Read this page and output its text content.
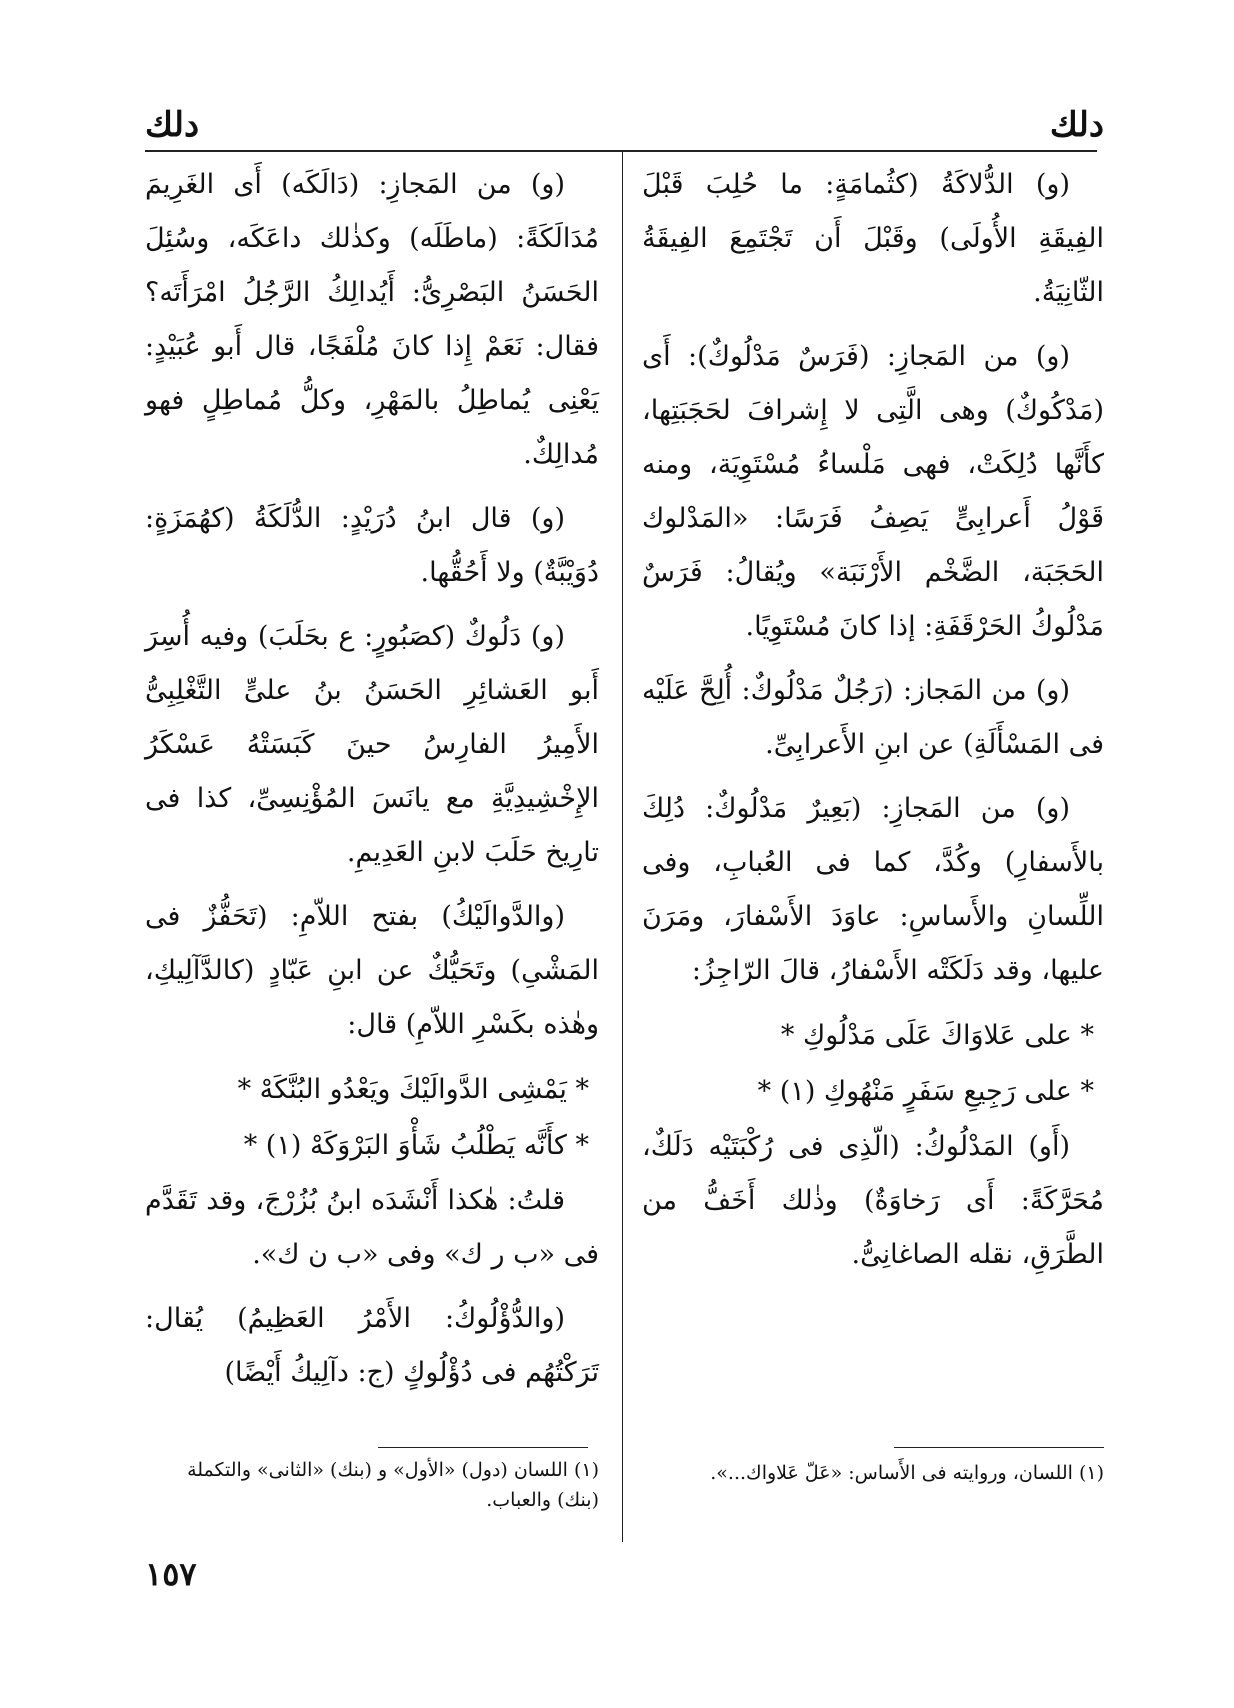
دلك
دلك

(و) الدُّلاكَةُ (كثُمامَةٍ: ما حُلِبَ قَبْلَ الفِيقَةِ الأُولَى) وقَبْلَ أَن تَجْتَمِعَ الفِيقَةُ الثّانِيَةُ.

(و) من المَجازِ: (فَرَسٌ مَدْلُوكٌ): أَى (مَدْكُوكٌ) وهى الَّتِى لا إِشرافَ لحَجَبَتِها، كأَنَّها دُلِكَتْ، فهى مَلْساءُ مُسْتَوِيَة، ومنه قَوْلُ أَعرابِىٍّ يَصِفُ فَرَسًا: «المَدْلوك الحَجَبَة، الضَّخْم الأَرْنَبَة» ويُقالُ: فَرَسٌ مَدْلُوكُ الحَرْقَفَةِ: إذا كانَ مُسْتَوِيًا.

(و) من المَجاز: (رَجُلٌ مَدْلُوكٌ: أُلِحَّ عَلَيْه فى المَسْأَلَةِ) عن ابنِ الأَعرابِىِّ.

(و) من المَجازِ: (بَعِيرٌ مَدْلُوكٌ: دُلِكَ بالأَسفارِ) وكُدَّ، كما فى العُبابِ، وفى اللِّسانِ والأَساسِ: عاوَدَ الأَسْفارَ، ومَرَنَ عليها، وقد دَلَكَتْه الأَسْفارُ، قالَ الرّاجِزُ:

* على عَلاوَاكَ عَلَى مَدْلُوكِ *

* على رَجِيعِ سَفَرٍ مَنْهُوكِ (١) *

(أَو) المَدْلُوكُ: (الّذِى فى رُكْبَتَيْه دَلَكٌ، مُحَرَّكَةً: أَى رَخاوَةٌ) وذٰلك أَخَفُّ من الطَّرَقِ، نقله الصاغانِىُّ.

(و) من المَجازِ: (دَالَكَه) أَى الغَرِيمَ مُدَالَكَةً: (ماطَلَه) وكذٰلك داعَكَه، وسُئِلَ الحَسَنُ البَصْرِىُّ: أَيُدالِكُ الرَّجُلُ امْرَأَتَه؟ فقال: نَعَمْ إِذا كانَ مُلْفَجًا، قال أَبو عُبَيْدٍ: يَعْنِى يُماطِلُ بالمَهْرِ، وكلُّ مُماطِلٍ فهو مُدالِكٌ.

(و) قال ابنُ دُرَيْدٍ: الدُّلَكَةُ (كهُمَزَةٍ: دُوَيْبَّةٌ) ولا أَحُقُّها.

(و) دَلُوكٌ (كصَبُورٍ: ع بحَلَبَ) وفيه أُسِرَ أَبو العَشائِرِ الحَسَنُ بنُ علىٍّ التَّغْلِبِىُّ الأَمِيرُ الفارِسُ حينَ كَبَسَتْهُ عَسْكَرُ الإِخْشِيدِيَّةِ مع يانَسَ المُؤْنِسِىِّ، كذا فى تارِيخ حَلَبَ لابنِ العَدِيمِ.

(والدَّوالَيْكُ) بفتح اللاّمِ: (تَحَفُّزٌ فى المَشْىِ) وتَحَيُّكٌ عن ابنِ عَبّادٍ (كالدَّآلِيكِ، وهٰذه بكَسْرِ اللاّمِ) قال:

* يَمْشِى الدَّوالَيْكَ ويَعْدُو البُنَّكَهْ *

* كأَنَّه يَطْلُبُ شَأْوَ البَرْوَكَهْ (١) *

قلتُ: هٰكذا أَنْشَدَه ابنُ بُزُرْجَ، وقد تَقَدَّم فى «ب ر ك» وفى «ب ن ك».

(والدُّؤْلُوكُ: الأَمْرُ العَظِيمُ) يُقال: تَرَكْتُهُم فى دُؤْلُوكٍ (ج: دآلِيكُ أَيْضًا)

(١) اللسان، وروايته فى الأَساس: «عَلّ عَلاواك...».
(١) اللسان (دول) «الأول» و (بنك) «الثانى» والتكملة (بنك) والعباب.
١٥٧
